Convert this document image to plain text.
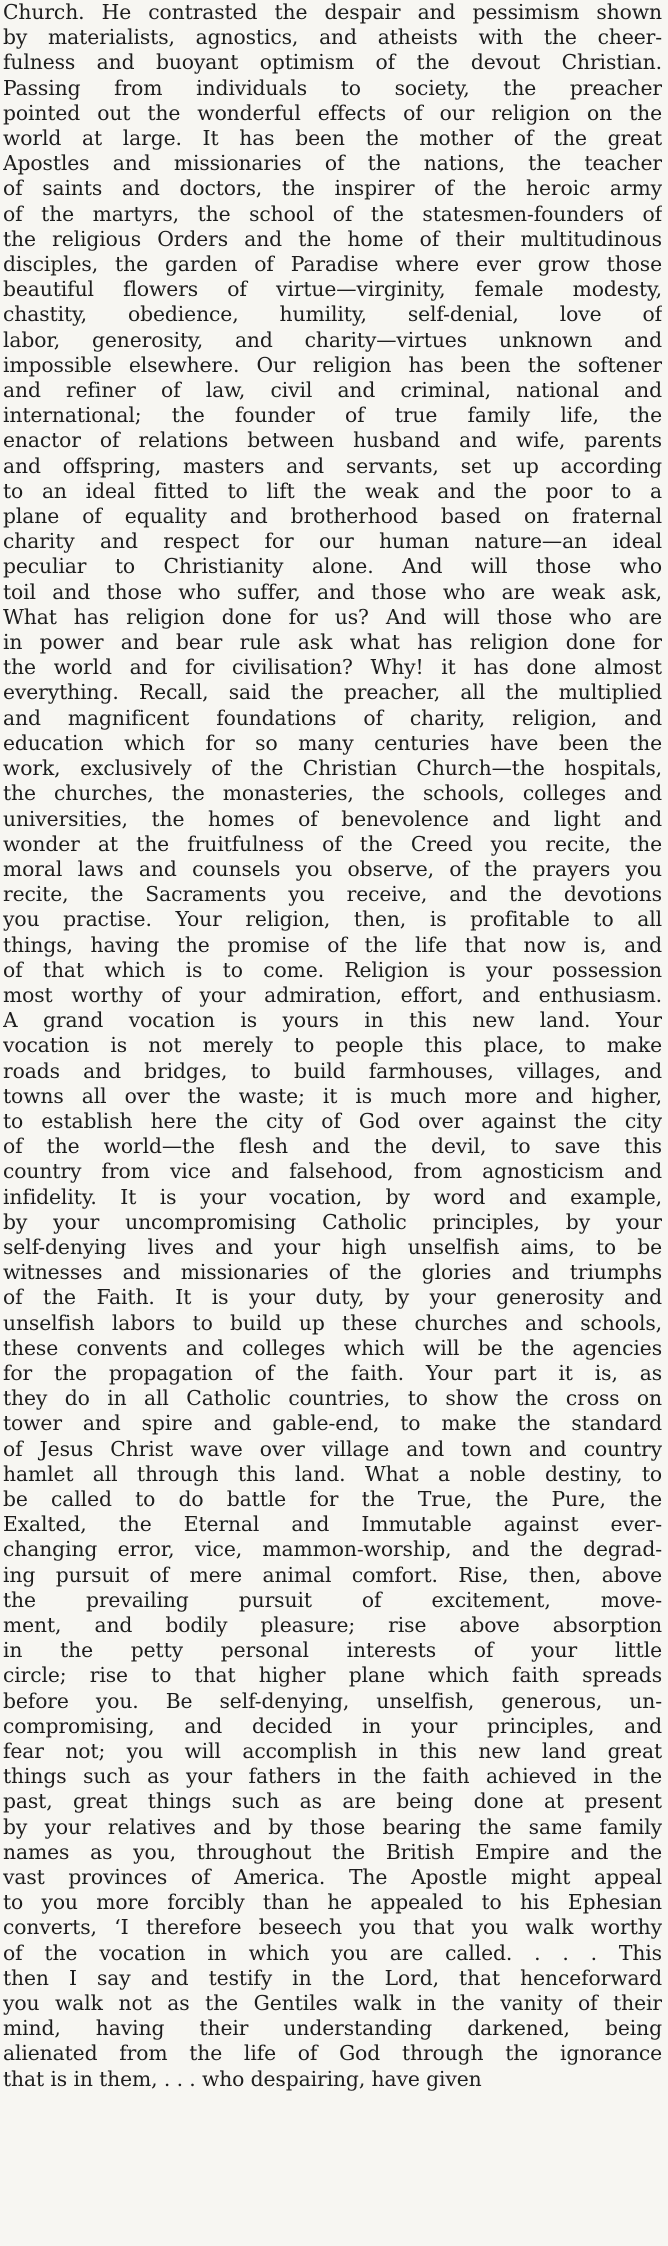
Church. He contrasted the despair and pessimism shown
by materialists, agnostics, and atheists with the cheer-
fulness and buoyant optimism of the devout Christian.
Passing from individuals to society, the preacher
pointed out the wonderful effects of our religion on the
world at large. It has been the mother of the great
Apostles and missionaries of the nations, the teacher
of saints and doctors, the inspirer of the heroic army
of the martyrs, the school of the statesmen-founders of
the religious Orders and the home of their multitudinous
disciples, the garden of Paradise where ever grow those
beautiful flowers of virtue—virginity, female modesty,
chastity, obedience, humility, self-denial, love of
labor, generosity, and charity—virtues unknown and
impossible elsewhere. Our religion has been the softener
and refiner of law, civil and criminal, national and
international; the founder of true family life, the
enactor of relations between husband and wife, parents
and offspring, masters and servants, set up according
to an ideal fitted to lift the weak and the poor to a
plane of equality and brotherhood based on fraternal
charity and respect for our human nature—an ideal
peculiar to Christianity alone. And will those who
toil and those who suffer, and those who are weak ask,
What has religion done for us? And will those who are
in power and bear rule ask what has religion done for
the world and for civilisation? Why! it has done almost
everything. Recall, said the preacher, all the multiplied
and magnificent foundations of charity, religion, and
education which for so many centuries have been the
work, exclusively of the Christian Church—the hospitals,
the churches, the monasteries, the schools, colleges and
universities, the homes of benevolence and light and
wonder at the fruitfulness of the Creed you recite, the
moral laws and counsels you observe, of the prayers you
recite, the Sacraments you receive, and the devotions
you practise. Your religion, then, is profitable to all
things, having the promise of the life that now is, and
of that which is to come. Religion is your possession
most worthy of your admiration, effort, and enthusiasm.
A grand vocation is yours in this new land. Your
vocation is not merely to people this place, to make
roads and bridges, to build farmhouses, villages, and
towns all over the waste; it is much more and higher,
to establish here the city of God over against the city
of the world—the flesh and the devil, to save this
country from vice and falsehood, from agnosticism and
infidelity. It is your vocation, by word and example,
by your uncompromising Catholic principles, by your
self-denying lives and your high unselfish aims, to be
witnesses and missionaries of the glories and triumphs
of the Faith. It is your duty, by your generosity and
unselfish labors to build up these churches and schools,
these convents and colleges which will be the agencies
for the propagation of the faith. Your part it is, as
they do in all Catholic countries, to show the cross on
tower and spire and gable-end, to make the standard
of Jesus Christ wave over village and town and country
hamlet all through this land. What a noble destiny, to
be called to do battle for the True, the Pure, the
Exalted, the Eternal and Immutable against ever-
changing error, vice, mammon-worship, and the degrad-
ing pursuit of mere animal comfort. Rise, then, above
the prevailing pursuit of excitement, move-
ment, and bodily pleasure; rise above absorption
in the petty personal interests of your little
circle; rise to that higher plane which faith spreads
before you. Be self-denying, unselfish, generous, un-
compromising, and decided in your principles, and
fear not; you will accomplish in this new land great
things such as your fathers in the faith achieved in the
past, great things such as are being done at present
by your relatives and by those bearing the same family
names as you, throughout the British Empire and the
vast provinces of America. The Apostle might appeal
to you more forcibly than he appealed to his Ephesian
converts, ‘I therefore beseech you that you walk worthy
of the vocation in which you are called. . . . This
then I say and testify in the Lord, that henceforward
you walk not as the Gentiles walk in the vanity of their
mind, having their understanding darkened, being
alienated from the life of God through the ignorance
that is in them, . . . who despairing, have given
